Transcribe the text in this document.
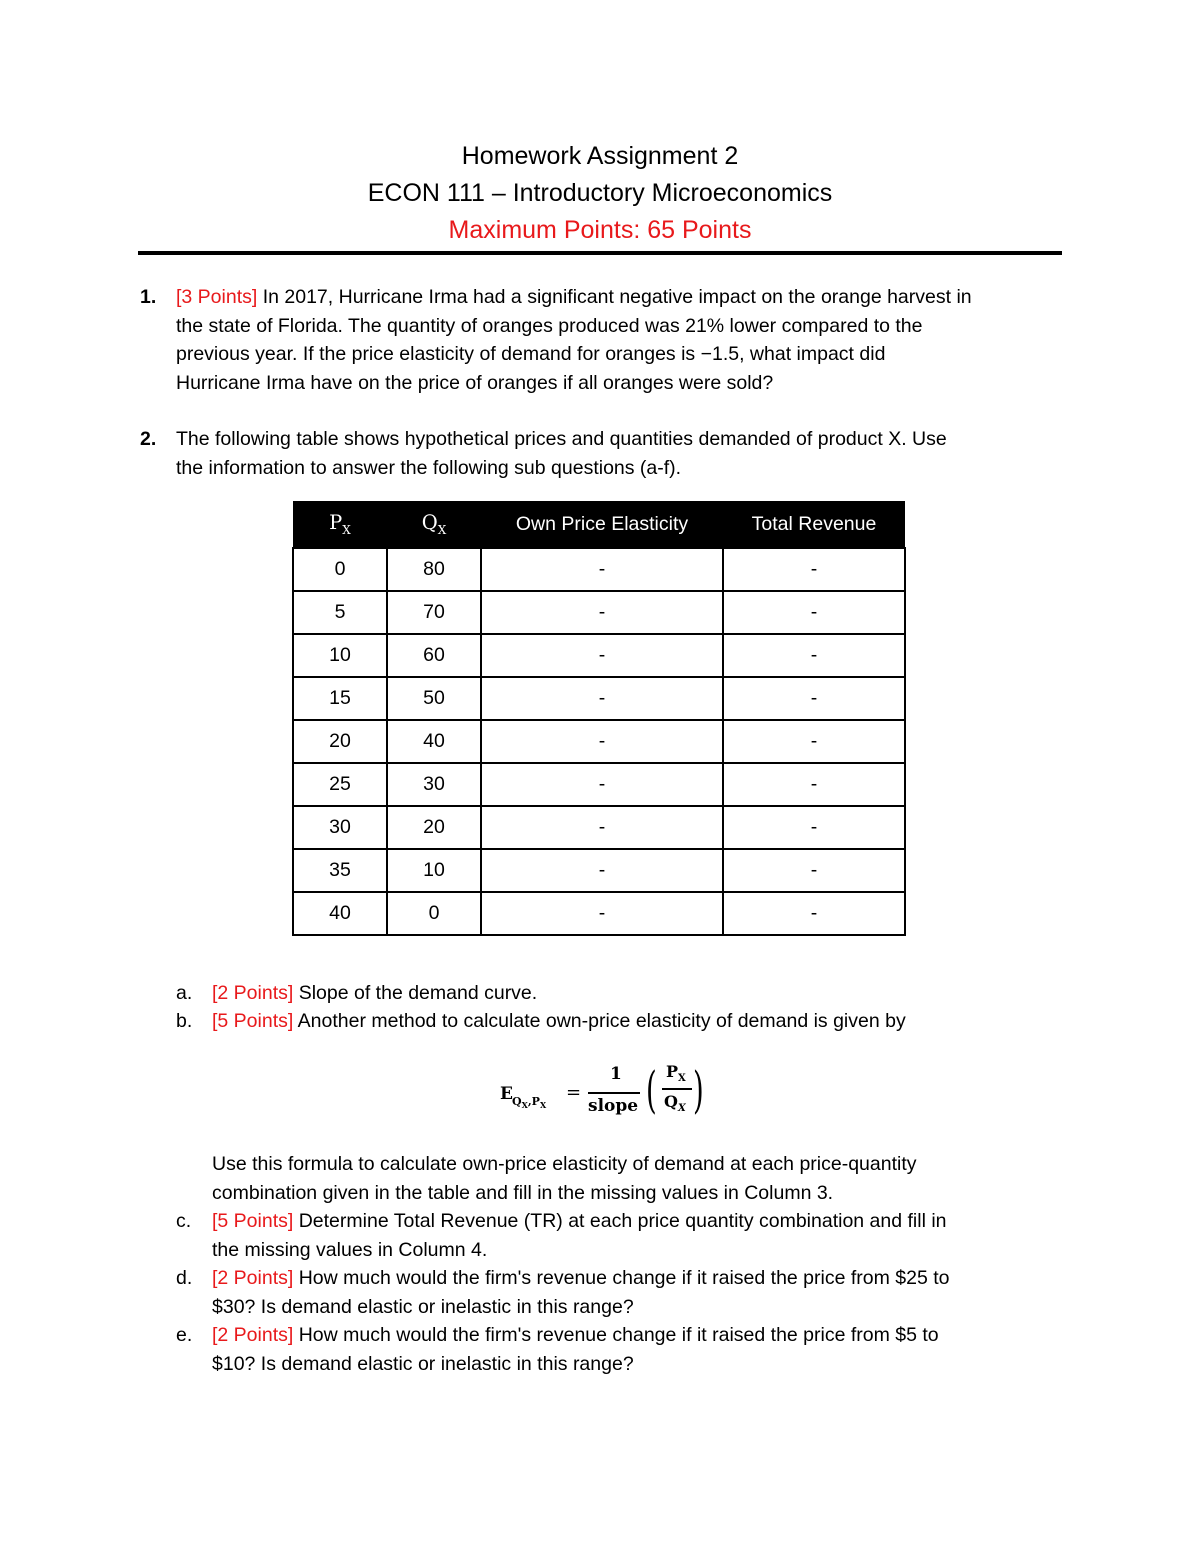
Homework Assignment 2
ECON 111 – Introductory Microeconomics
Maximum Points: 65 Points
1.	[3 Points] In 2017, Hurricane Irma had a significant negative impact on the orange harvest in
the state of Florida. The quantity of oranges produced was 21% lower compared to the
previous year. If the price elasticity of demand for oranges is −1.5, what impact did
Hurricane Irma have on the price of oranges if all oranges were sold?
2.	The following table shows hypothetical prices and quantities demanded of product X. Use
the information to answer the following sub questions (a-f).
$P_X$	$Q_X$	Own Price Elasticity	Total Revenue
0	80	-	-
5	70	-	-
10	60	-	-
15	50	-	-
20	40	-	-
25	30	-	-
30	20	-	-
35	10	-	-
40	0	-	-
a.	[2 Points] Slope of the demand curve.
b.	[5 Points] Another method to calculate own-price elasticity of demand is given by
E $Q_X,P_X$
=
1
slope ( $P_X$
$Q_X$ )
Use this formula to calculate own-price elasticity of demand at each price-quantity
combination given in the table and fill in the missing values in Column 3.
c.	[5 Points] Determine Total Revenue (TR) at each price quantity combination and fill in
the missing values in Column 4.
d.	[2 Points] How much would the firm's revenue change if it raised the price from $25 to
$30? Is demand elastic or inelastic in this range?
e.	[2 Points] How much would the firm's revenue change if it raised the price from $5 to
$10? Is demand elastic or inelastic in this range?
